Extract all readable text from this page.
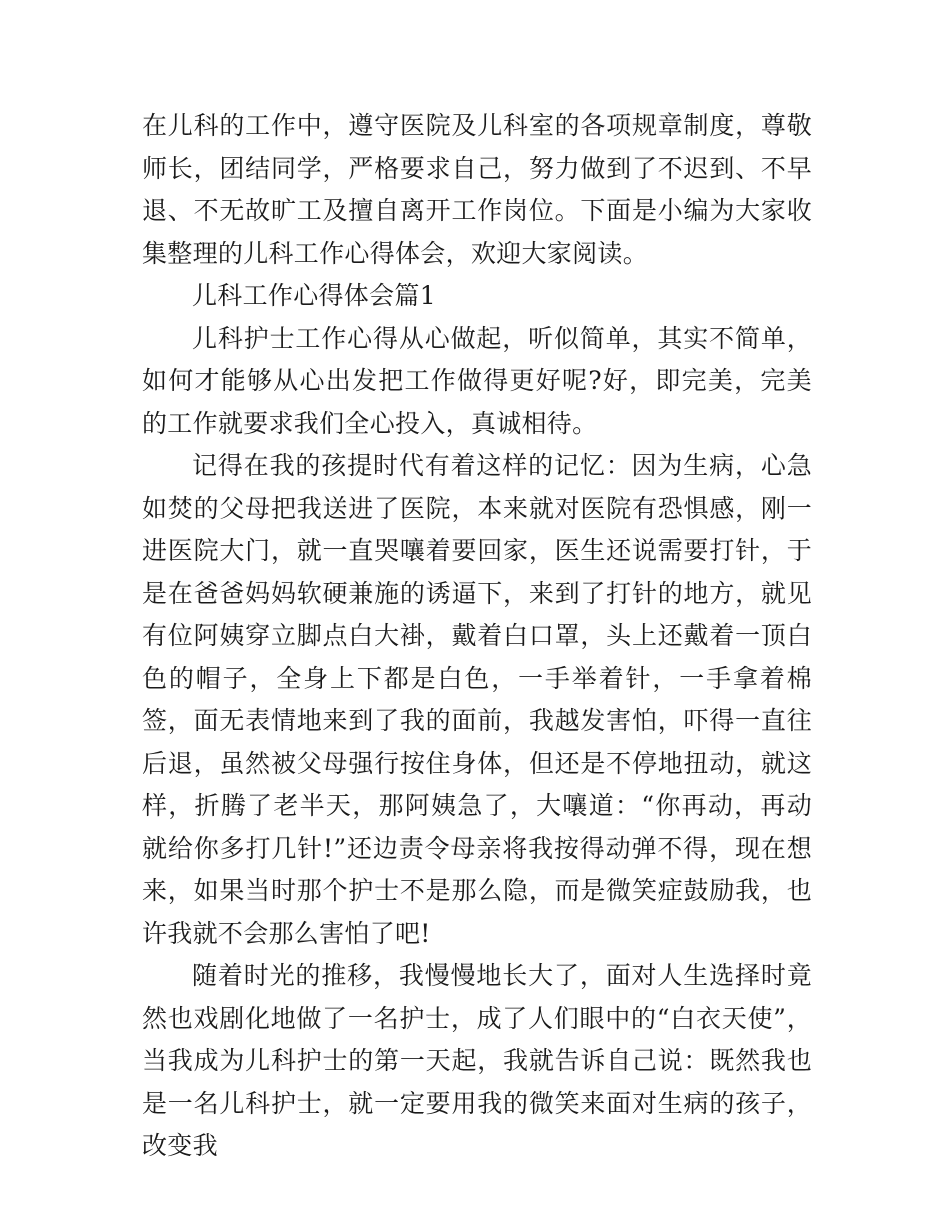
在儿科的工作中，遵守医院及儿科室的各项规章制度，尊敬师长，团结同学，严格要求自己，努力做到了不迟到、不早退、不无故旷工及擅自离开工作岗位。下面是小编为大家收集整理的儿科工作心得体会，欢迎大家阅读。

儿科工作心得体会篇1

儿科护士工作心得从心做起，听似简单，其实不简单，如何才能够从心出发把工作做得更好呢?好，即完美，完美的工作就要求我们全心投入，真诚相待。

记得在我的孩提时代有着这样的记忆：因为生病，心急如焚的父母把我送进了医院，本来就对医院有恐惧感，刚一进医院大门，就一直哭嚷着要回家，医生还说需要打针，于是在爸爸妈妈软硬兼施的诱逼下，来到了打针的地方，就见有位阿姨穿立脚点白大褂，戴着白口罩，头上还戴着一顶白色的帽子，全身上下都是白色，一手举着针，一手拿着棉签，面无表情地来到了我的面前，我越发害怕，吓得一直往后退，虽然被父母强行按住身体，但还是不停地扭动，就这样，折腾了老半天，那阿姨急了，大嚷道：“你再动，再动就给你多打几针!”还边责令母亲将我按得动弹不得，现在想来，如果当时那个护士不是那么隐，而是微笑症鼓励我，也许我就不会那么害怕了吧!

随着时光的推移，我慢慢地长大了，面对人生选择时竟然也戏剧化地做了一名护士，成了人们眼中的“白衣天使”，当我成为儿科护士的第一天起，我就告诉自己说：既然我也是一名儿科护士，就一定要用我的微笑来面对生病的孩子，改变我
